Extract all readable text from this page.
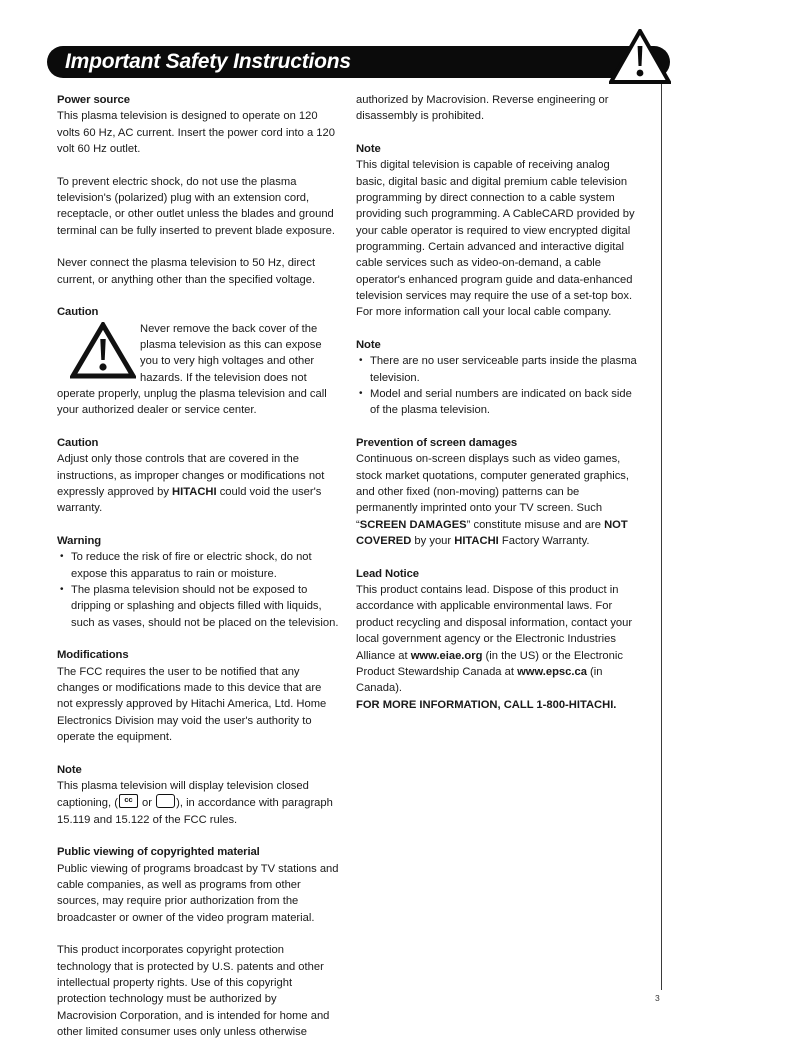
Important Safety Instructions
Power source

This plasma television is designed to operate on 120 volts 60 Hz, AC current. Insert the power cord into a 120 volt 60 Hz outlet.

To prevent electric shock, do not use the plasma television's (polarized) plug with an extension cord, receptacle, or other outlet unless the blades and ground terminal can be fully inserted to prevent blade exposure.

Never connect the plasma television to 50 Hz, direct current, or anything other than the specified voltage.

Caution

Never remove the back cover of the plasma television as this can expose you to very high voltages and other hazards. If the television does not operate properly, unplug the plasma television and call your authorized dealer or service center.

Caution

Adjust only those controls that are covered in the instructions, as improper changes or modifications not expressly approved by HITACHI could void the user's warranty.

Warning
• To reduce the risk of fire or electric shock, do not expose this apparatus to rain or moisture.
• The plasma television should not be exposed to dripping or splashing and objects filled with liquids, such as vases, should not be placed on the television.
Modifications

The FCC requires the user to be notified that any changes or modifications made to this device that are not expressly approved by Hitachi America, Ltd. Home Electronics Division may void the user's authority to operate the equipment.

Note

This plasma television will display television closed captioning, ( cc or ), in accordance with paragraph 15.119 and 15.122 of the FCC rules.

Public viewing of copyrighted material

Public viewing of programs broadcast by TV stations and cable companies, as well as programs from other sources, may require prior authorization from the broadcaster or owner of the video program material.

This product incorporates copyright protection technology that is protected by U.S. patents and other intellectual property rights. Use of this copyright protection technology must be authorized by Macrovision Corporation, and is intended for home and other limited consumer uses only unless otherwise

authorized by Macrovision. Reverse engineering or disassembly is prohibited.

Note

This digital television is capable of receiving analog basic, digital basic and digital premium cable television programming by direct connection to a cable system providing such programming. A CableCARD provided by your cable operator is required to view encrypted digital programming. Certain advanced and interactive digital cable services such as video-on-demand, a cable operator's enhanced program guide and data-enhanced television services may require the use of a set-top box. For more information call your local cable company.

Note
• There are no user serviceable parts inside the plasma television.
• Model and serial numbers are indicated on back side of the plasma television.
Prevention of screen damages

Continuous on-screen displays such as video games, stock market quotations, computer generated graphics, and other fixed (non-moving) patterns can be permanently imprinted onto your TV screen. Such “SCREEN DAMAGES” constitute misuse and are NOT COVERED by your HITACHI Factory Warranty.

Lead Notice

This product contains lead. Dispose of this product in accordance with applicable environmental laws. For product recycling and disposal information, contact your local government agency or the Electronic Industries Alliance at www.eiae.org (in the US) or the Electronic Product Stewardship Canada at www.epsc.ca (in Canada).
FOR MORE INFORMATION, CALL 1-800-HITACHI.

3
